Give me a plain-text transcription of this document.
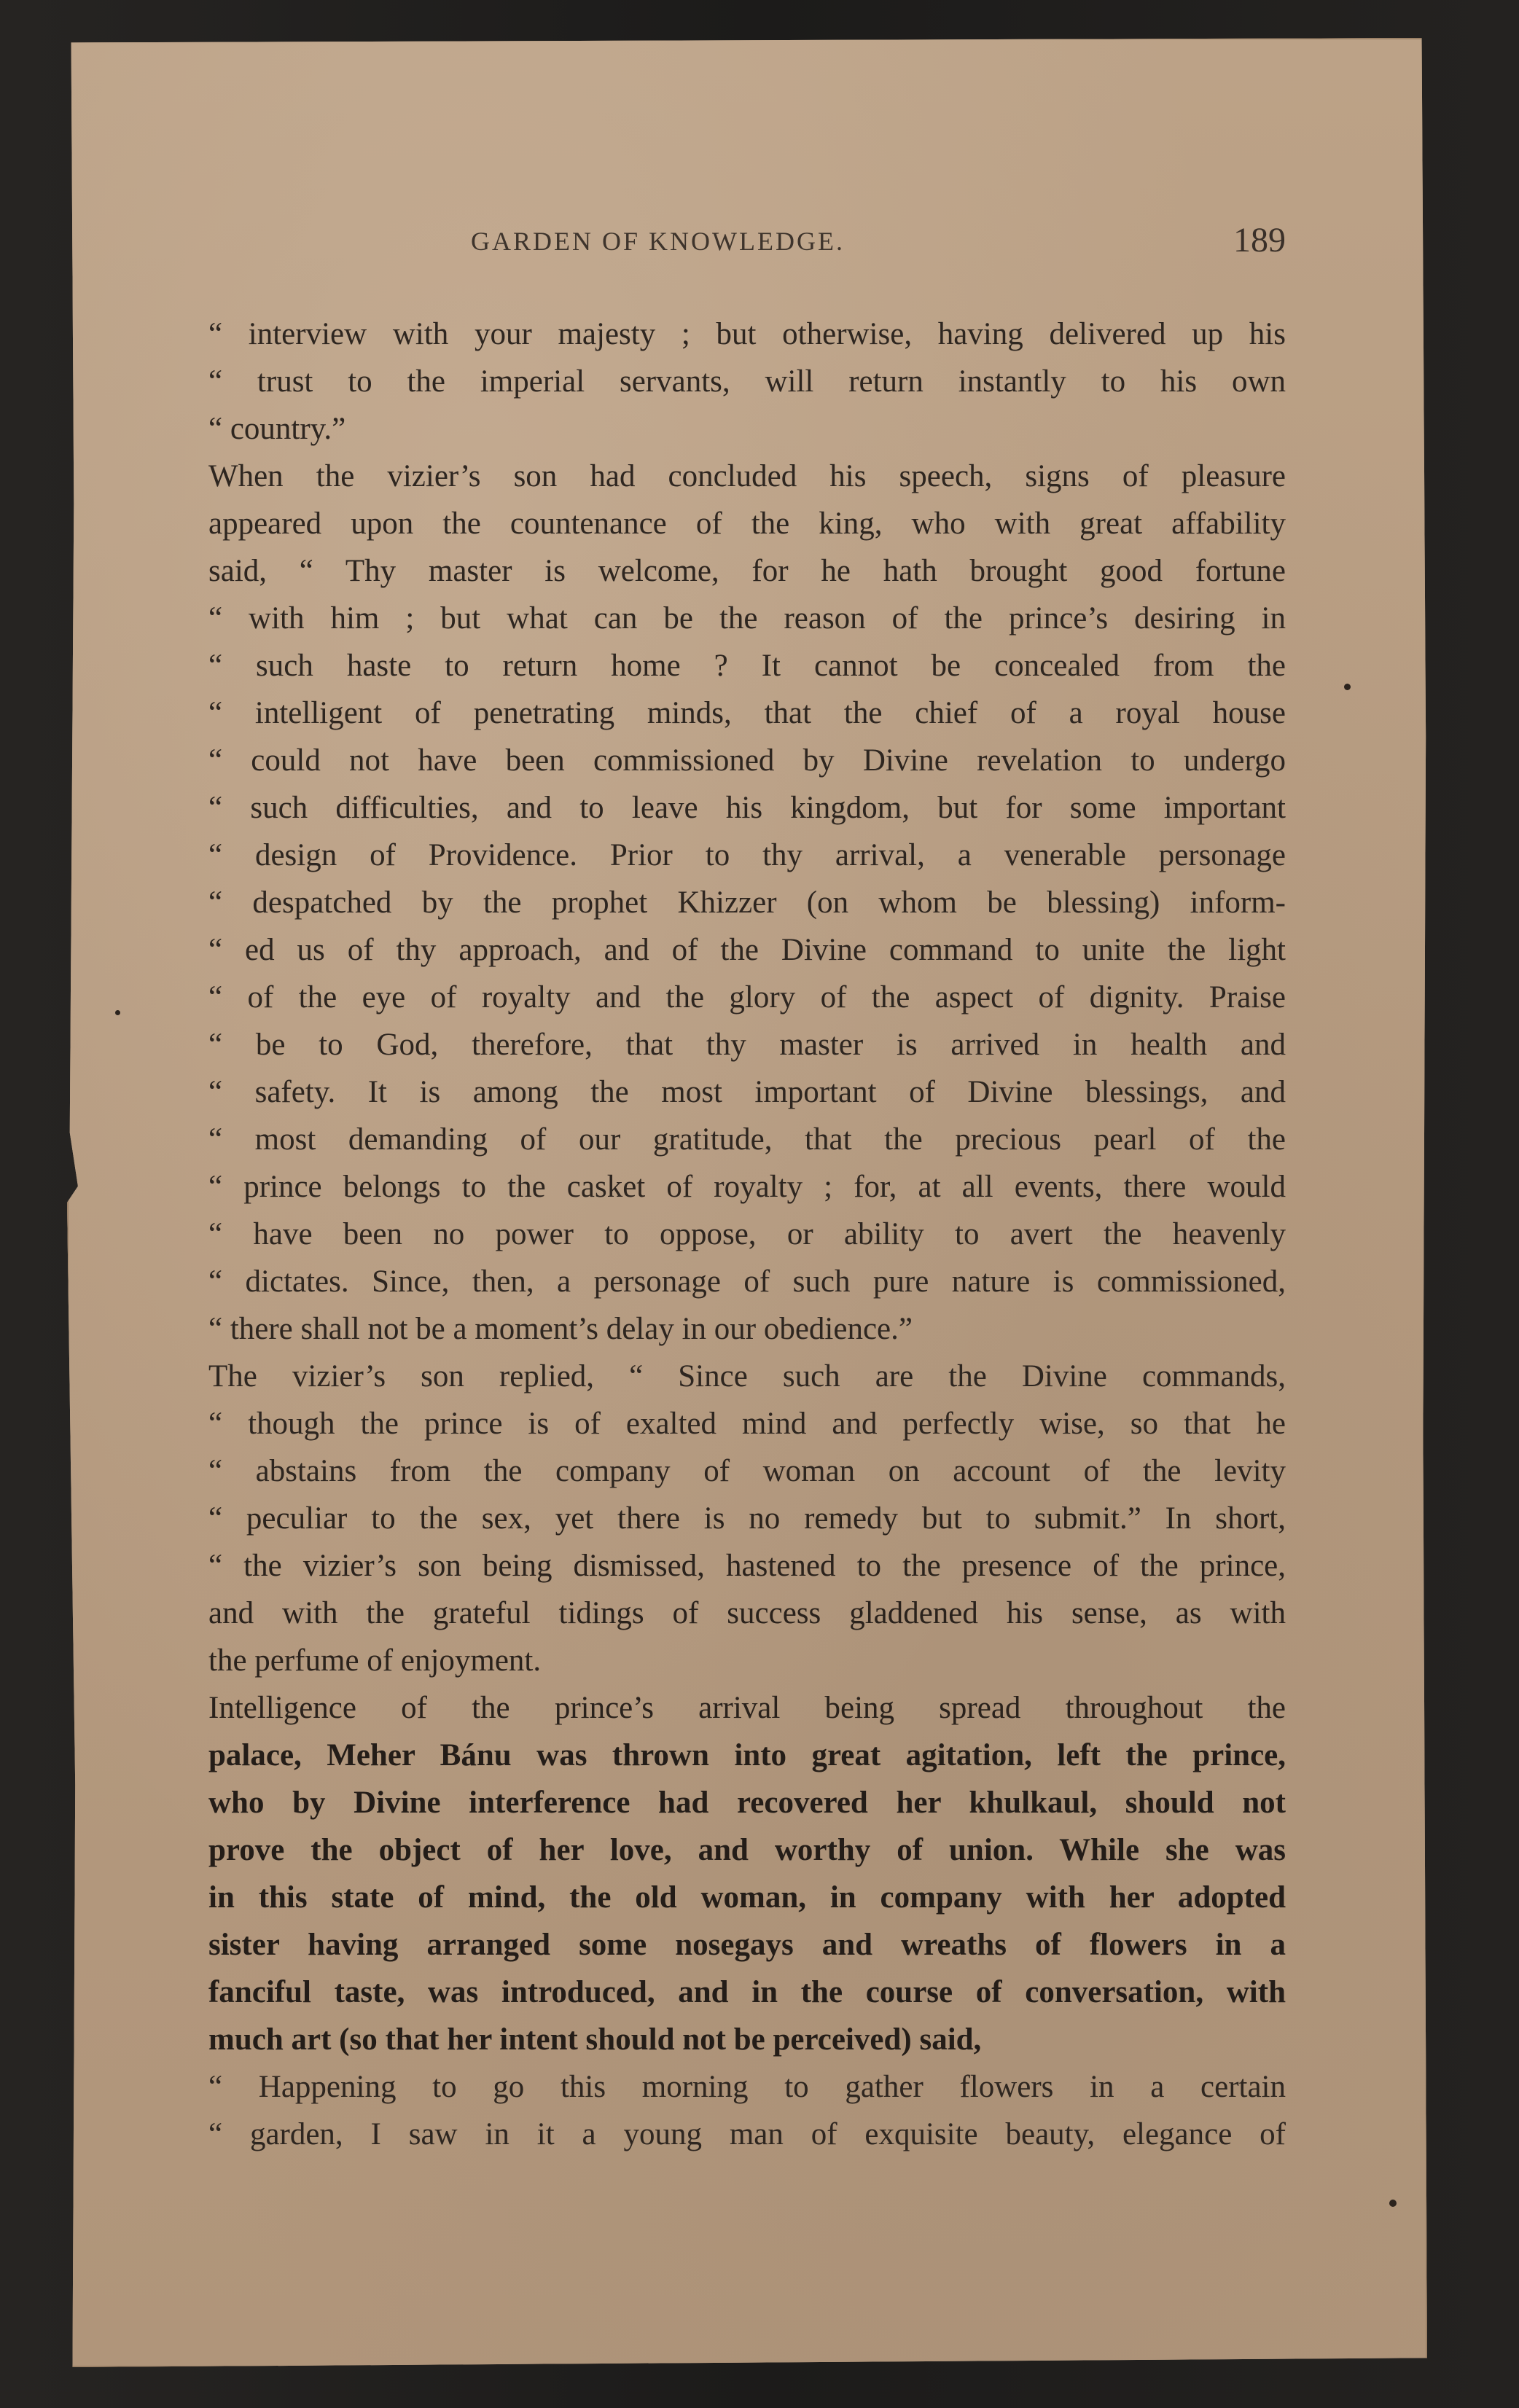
GARDEN OF KNOWLEDGE.	189
“ interview with your majesty ; but otherwise, having delivered up his
“ trust to the imperial servants, will return instantly to his own
“ country.”
When the vizier’s son had concluded his speech, signs of pleasure
appeared upon the countenance of the king, who with great affability
said, “ Thy master is welcome, for he hath brought good fortune
“ with him ; but what can be the reason of the prince’s desiring in
“ such haste to return home ? It cannot be concealed from the
“ intelligent of penetrating minds, that the chief of a royal house
“ could not have been commissioned by Divine revelation to undergo
“ such difficulties, and to leave his kingdom, but for some important
“ design of Providence. Prior to thy arrival, a venerable personage
“ despatched by the prophet Khizzer (on whom be blessing) inform-
“ ed us of thy approach, and of the Divine command to unite the light
“ of the eye of royalty and the glory of the aspect of dignity. Praise
“ be to God, therefore, that thy master is arrived in health and
“ safety. It is among the most important of Divine blessings, and
“ most demanding of our gratitude, that the precious pearl of the
“ prince belongs to the casket of royalty ; for, at all events, there would
“ have been no power to oppose, or ability to avert the heavenly
“ dictates. Since, then, a personage of such pure nature is commissioned,
“ there shall not be a moment’s delay in our obedience.”
The vizier’s son replied, “ Since such are the Divine commands,
“ though the prince is of exalted mind and perfectly wise, so that he
“ abstains from the company of woman on account of the levity
“ peculiar to the sex, yet there is no remedy but to submit.” In short,
“ the vizier’s son being dismissed, hastened to the presence of the prince,
and with the grateful tidings of success gladdened his sense, as with
the perfume of enjoyment.
Intelligence of the prince’s arrival being spread throughout the
palace, Meher Bánu was thrown into great agitation, left the prince,
who by Divine interference had recovered her khulkaul, should not
prove the object of her love, and worthy of union. While she was
in this state of mind, the old woman, in company with her adopted
sister having arranged some nosegays and wreaths of flowers in a
fanciful taste, was introduced, and in the course of conversation, with
much art (so that her intent should not be perceived) said,
“ Happening to go this morning to gather flowers in a certain
“ garden, I saw in it a young man of exquisite beauty, elegance of
